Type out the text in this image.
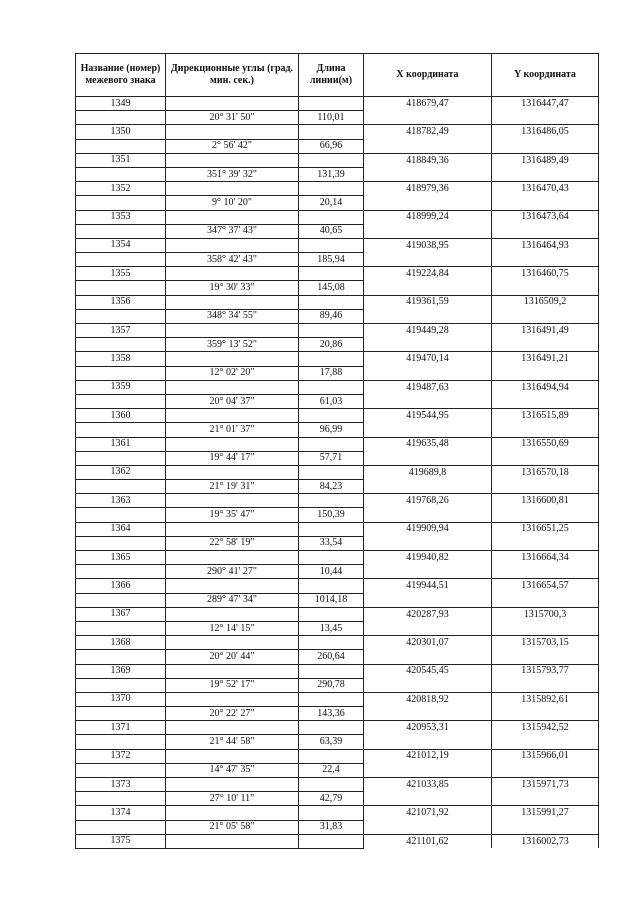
Название (номер) межевого знака	Дирекционные углы (град. мин. сек.)	Длина линии(м)	X координата	Y координата
1349			418679,47	1316447,47
	20° 31' 50"	110,01		
1350			418782,49	1316486,05
	2° 56' 42"	66,96		
1351			418849,36	1316489,49
	351° 39' 32"	131,39		
1352			418979,36	1316470,43
	9° 10' 20"	20,14		
1353			418999,24	1316473,64
	347° 37' 43"	40,65		
1354			419038,95	1316464,93
	358° 42' 43"	185,94		
1355			419224,84	1316460,75
	19° 30' 33"	145,08		
1356			419361,59	1316509,2
	348° 34' 55"	89,46		
1357			419449,28	1316491,49
	359° 13' 52"	20,86		
1358			419470,14	1316491,21
	12° 02' 20"	17,88		
1359			419487,63	1316494,94
	20° 04' 37"	61,03		
1360			419544,95	1316515,89
	21° 01' 37"	96,99		
1361			419635,48	1316550,69
	19° 44' 17"	57,71		
1362			419689,8	1316570,18
	21° 19' 31"	84,23		
1363			419768,26	1316600,81
	19° 35' 47"	150,39		
1364			419909,94	1316651,25
	22° 58' 19"	33,54		
1365			419940,82	1316664,34
	290° 41' 27"	10,44		
1366			419944,51	1316654,57
	289° 47' 34"	1014,18		
1367			420287,93	1315700,3
	12° 14' 15"	13,45		
1368			420301,07	1315703,15
	20° 20' 44"	260,64		
1369			420545,45	1315793,77
	19° 52' 17"	290,78		
1370			420818,92	1315892,61
	20° 22' 27"	143,36		
1371			420953,31	1315942,52
	21° 44' 58"	63,39		
1372			421012,19	1315966,01
	14° 47' 35"	22,4		
1373			421033,85	1315971,73
	27° 10' 11"	42,79		
1374			421071,92	1315991,27
	21° 05' 58"	31,83		
1375			421101,62	1316002,73
